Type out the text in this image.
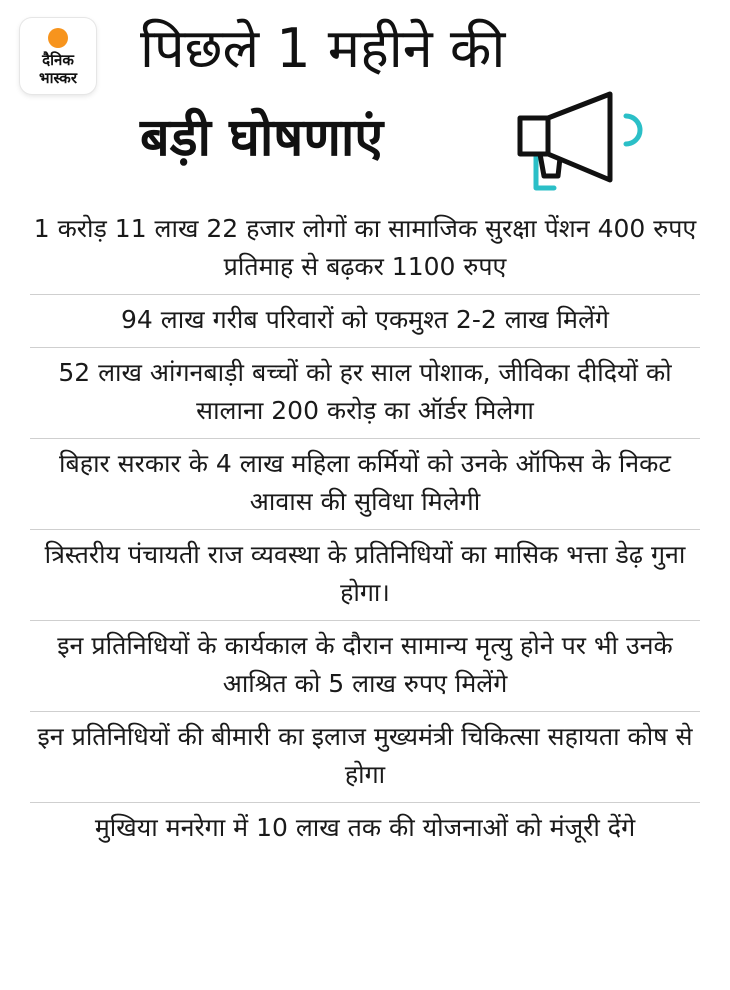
दैनिक
भास्कर	पिछले 1 महीने की
बड़ी घोषणाएं
1 करोड़ 11 लाख 22 हजार लोगों का सामाजिक सुरक्षा पेंशन 400 रुपए प्रतिमाह से बढ़कर 1100 रुपए
94 लाख गरीब परिवारों को एकमुश्त 2-2 लाख मिलेंगे
52 लाख आंगनबाड़ी बच्चों को हर साल पोशाक, जीविका दीदियों को सालाना 200 करोड़ का ऑर्डर मिलेगा
बिहार सरकार के 4 लाख महिला कर्मियों को उनके ऑफिस के निकट आवास की सुविधा मिलेगी
त्रिस्तरीय पंचायती राज व्यवस्था के प्रतिनिधियों का मासिक भत्ता डेढ़ गुना होगा।
इन प्रतिनिधियों के कार्यकाल के दौरान सामान्य मृत्यु होने पर भी उनके आश्रित को 5 लाख रुपए मिलेंगे
इन प्रतिनिधियों की बीमारी का इलाज मुख्यमंत्री चिकित्सा सहायता कोष से होगा
मुखिया मनरेगा में 10 लाख तक की योजनाओं को मंजूरी देंगे
